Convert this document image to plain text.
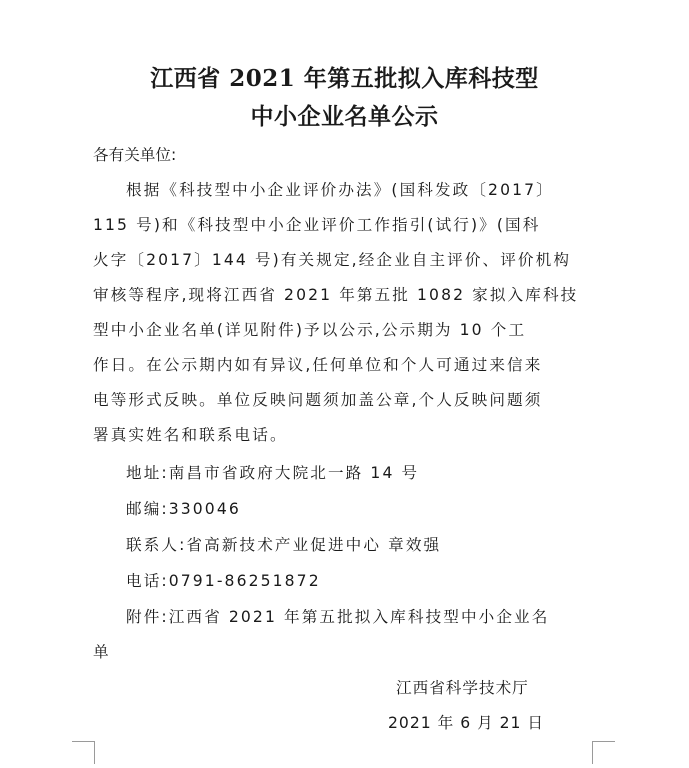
江西省 2021 年第五批拟入库科技型
中小企业名单公示
各有关单位:
根据《科技型中小企业评价办法》(国科发政〔2017〕
115 号)和《科技型中小企业评价工作指引(试行)》(国科
火字〔2017〕144 号)有关规定,经企业自主评价、评价机构
审核等程序,现将江西省 2021 年第五批 1082 家拟入库科技
型中小企业名单(详见附件)予以公示,公示期为 10 个工
作日。在公示期内如有异议,任何单位和个人可通过来信来
电等形式反映。单位反映问题须加盖公章,个人反映问题须
署真实姓名和联系电话。
地址:南昌市省政府大院北一路 14 号
邮编:330046
联系人:省高新技术产业促进中心 章效强
电话:0791-86251872
附件:江西省 2021 年第五批拟入库科技型中小企业名
单
江西省科学技术厅
2021 年 6 月 21 日
